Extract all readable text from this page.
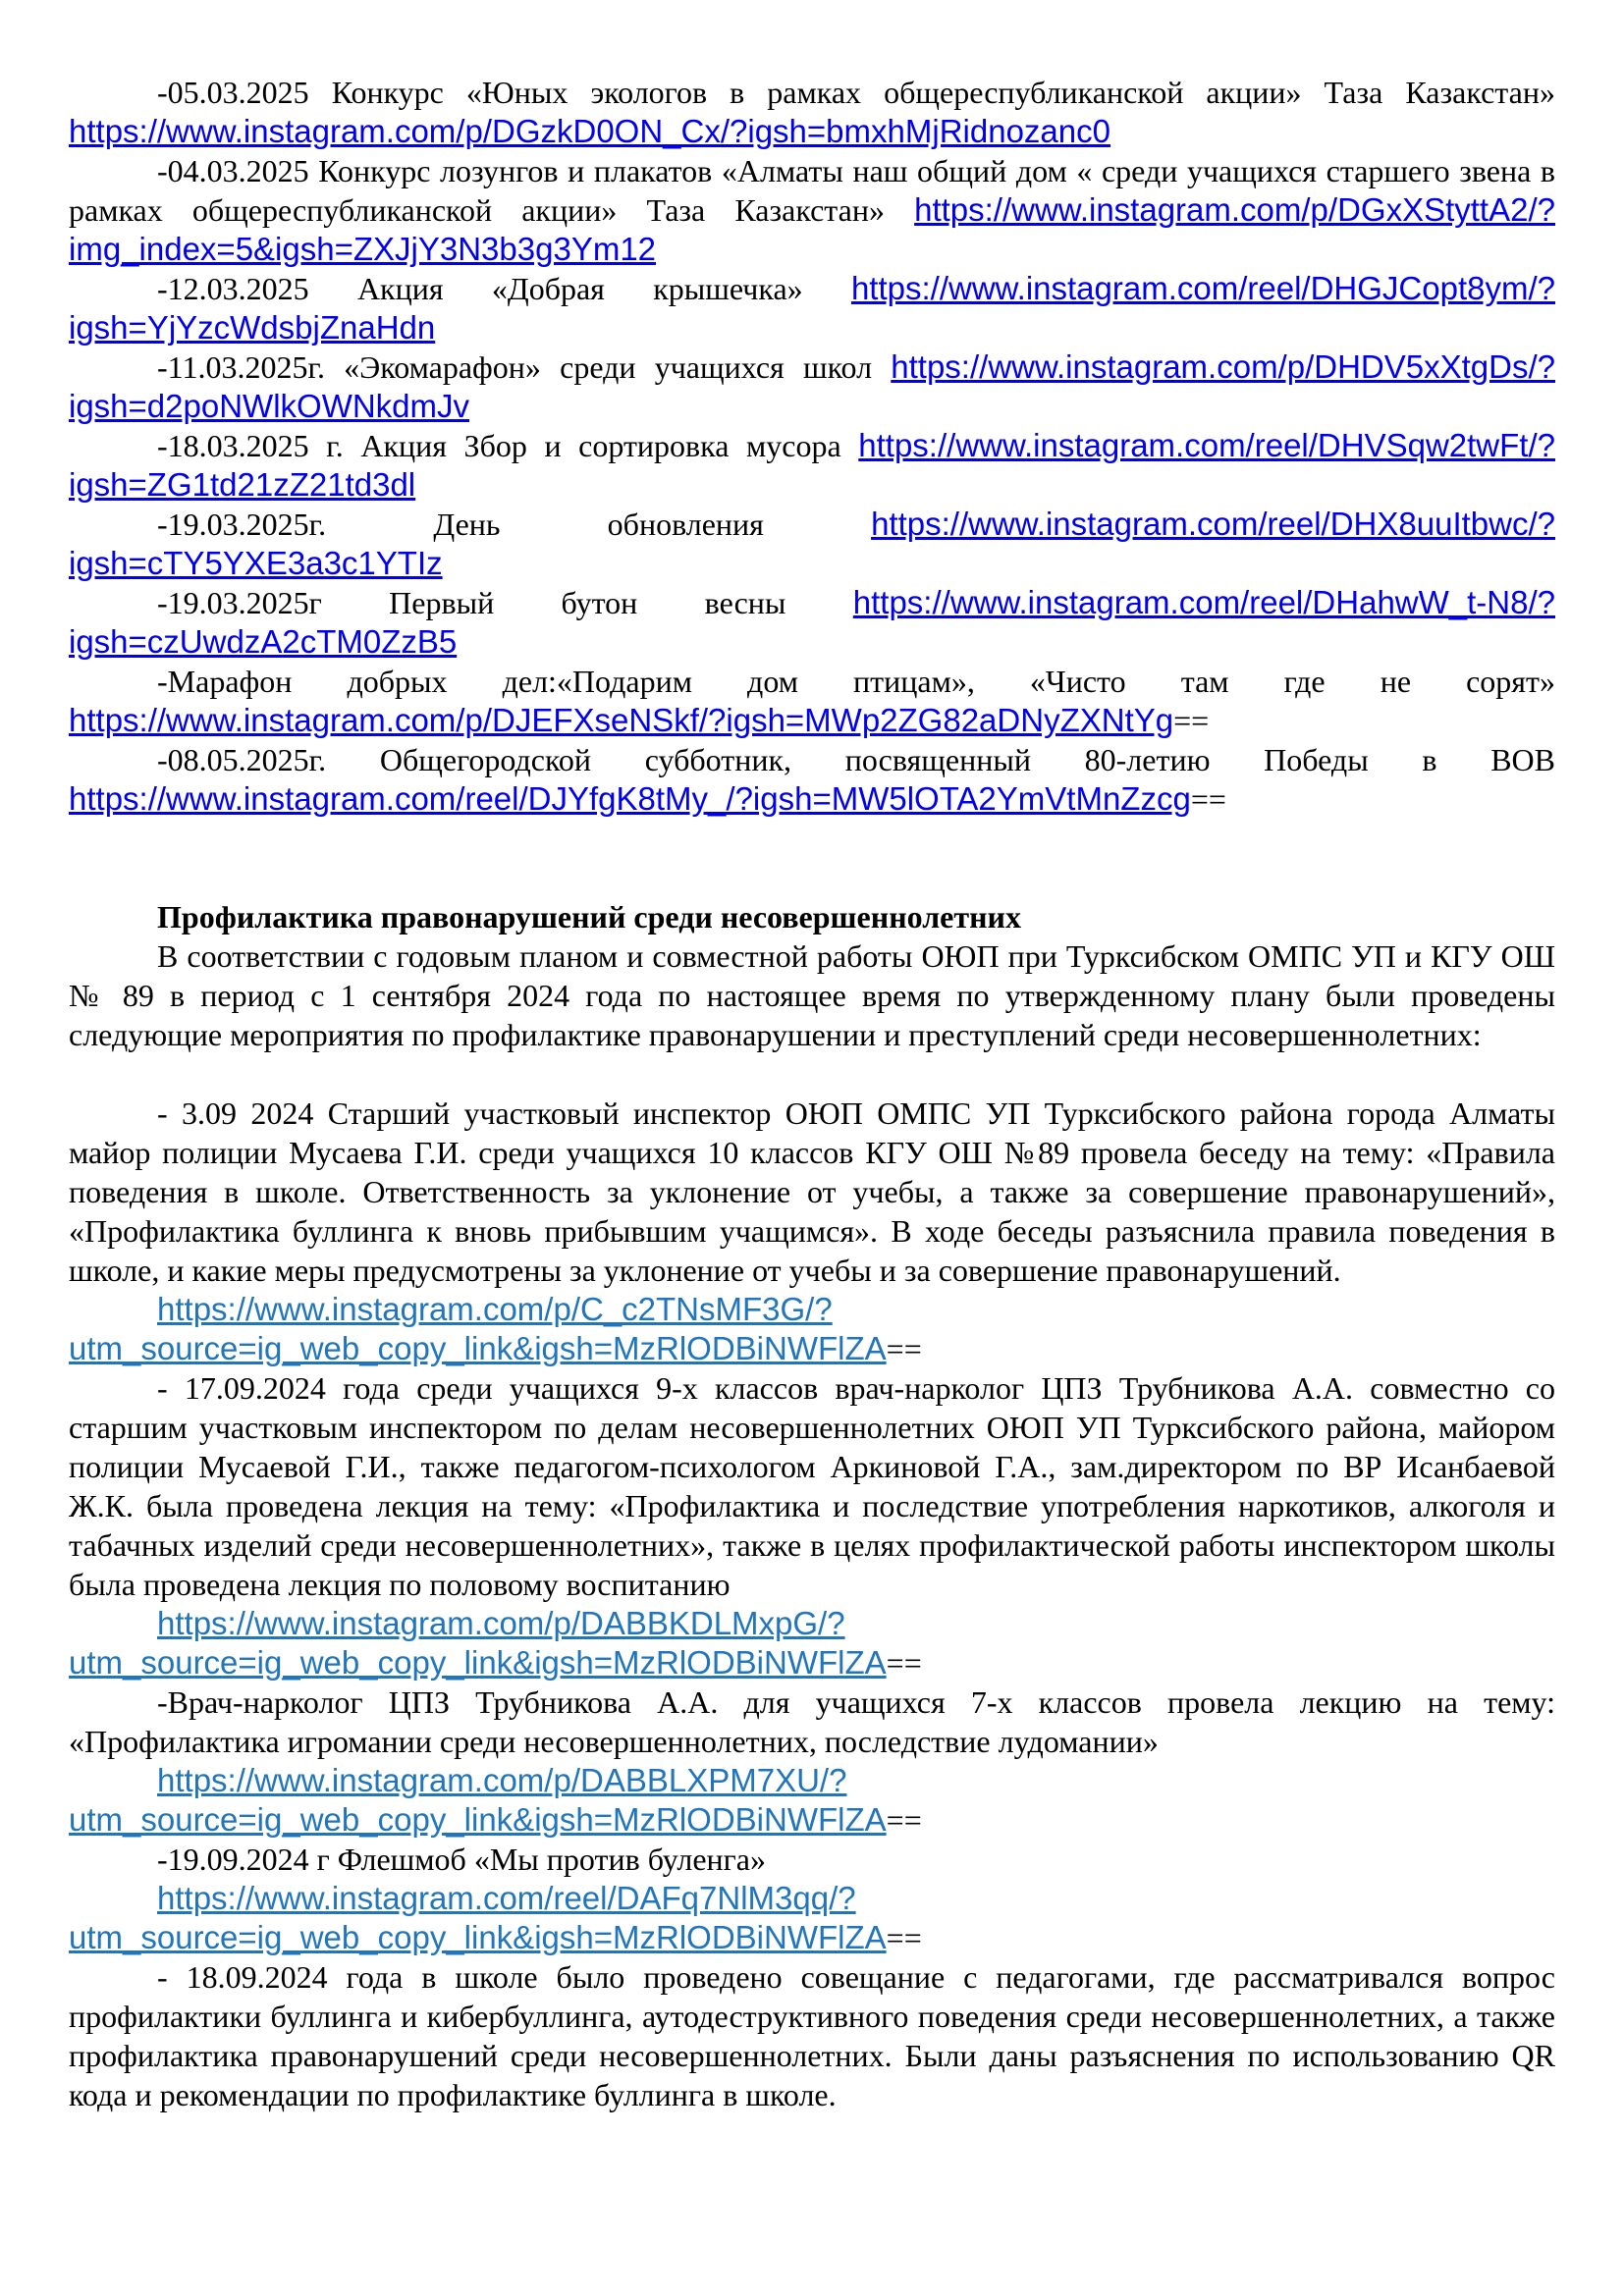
-05.03.2025 Конкурс «Юных экологов в рамках общереспубликанской акции» Таза Казакстан» https://www.instagram.com/p/DGzkD0ON_Cx/?igsh=bmxhMjRidnozanc0

-04.03.2025 Конкурс лозунгов и плакатов «Алматы наш общий дом « среди учащихся старшего звена в рамках общереспубликанской акции» Таза Казакстан» https://www.instagram.com/p/DGxXStyttA2/?img_index=5&igsh=ZXJjY3N3b3g3Ym12

-12.03.2025 Акция «Добрая крышечка» https://www.instagram.com/reel/DHGJCopt8ym/?igsh=YjYzcWdsbjZnaHdn

-11.03.2025г. «Экомарафон» среди учащихся школ https://www.instagram.com/p/DHDV5xXtgDs/?igsh=d2poNWlkOWNkdmJv

-18.03.2025 г. Акция Збор и сортировка мусора https://www.instagram.com/reel/DHVSqw2twFt/?igsh=ZG1td21zZ21td3dl

-19.03.2025г. День обновления https://www.instagram.com/reel/DHX8uuItbwc/?igsh=cTY5YXE3a3c1YTIz

-19.03.2025г Первый бутон весны https://www.instagram.com/reel/DHahwW_t-N8/?igsh=czUwdzA2cTM0ZzB5

-Марафон добрых дел:«Подарим дом птицам», «Чисто там где не сорят» https://www.instagram.com/p/DJEFXseNSkf/?igsh=MWp2ZG82aDNyZXNtYg==

-08.05.2025г. Общегородской субботник, посвященный 80-летию Победы в ВОВ https://www.instagram.com/reel/DJYfgK8tMy_/?igsh=MW5lOTA2YmVtMnZzcg==

Профилактика правонарушений среди несовершеннолетних

В соответствии с годовым планом и совместной работы ОЮП при Турксибском ОМПС УП и КГУ ОШ № 89 в период с 1 сентября 2024 года по настоящее время по утвержденному плану были проведены следующие мероприятия по профилактике правонарушении и преступлений среди несовершеннолетних:

- 3.09 2024 Старший участковый инспектор ОЮП ОМПС УП Турксибского района города Алматы майор полиции Мусаева Г.И. среди учащихся 10 классов КГУ ОШ №89 провела беседу на тему: «Правила поведения в школе. Ответственность за уклонение от учебы, а также за совершение правонарушений», «Профилактика буллинга к вновь прибывшим учащимся». В ходе беседы разъяснила правила поведения в школе, и какие меры предусмотрены за уклонение от учебы и за совершение правонарушений.

https://www.instagram.com/p/C_c2TNsMF3G/?utm_source=ig_web_copy_link&igsh=MzRlODBiNWFlZA==

- 17.09.2024 года среди учащихся 9-х классов врач-нарколог ЦПЗ Трубникова А.А. совместно со старшим участковым инспектором по делам несовершеннолетних ОЮП УП Турксибского района, майором полиции Мусаевой Г.И., также педагогом-психологом Аркиновой Г.А., зам.директором по ВР Исанбаевой Ж.К. была проведена лекция на тему: «Профилактика и последствие употребления наркотиков, алкоголя и табачных изделий среди несовершеннолетних», также в целях профилактической работы инспектором школы была проведена лекция по половому воспитанию

https://www.instagram.com/p/DABBKDLMxpG/?utm_source=ig_web_copy_link&igsh=MzRlODBiNWFlZA==

-Врач-нарколог ЦПЗ Трубникова А.А. для учащихся 7-х классов провела лекцию на тему: «Профилактика игромании среди несовершеннолетних, последствие лудомании»

https://www.instagram.com/p/DABBLXPM7XU/?utm_source=ig_web_copy_link&igsh=MzRlODBiNWFlZA==

-19.09.2024 г Флешмоб «Мы против буленга»

https://www.instagram.com/reel/DAFq7NlM3qq/?utm_source=ig_web_copy_link&igsh=MzRlODBiNWFlZA==

- 18.09.2024 года в школе было проведено совещание с педагогами, где рассматривался вопрос профилактики буллинга и кибербуллинга, аутодеструктивного поведения среди несовершеннолетних, а также профилактика правонарушений среди несовершеннолетних. Были даны разъяснения по использованию QR кода и рекомендации по профилактике буллинга в школе.
